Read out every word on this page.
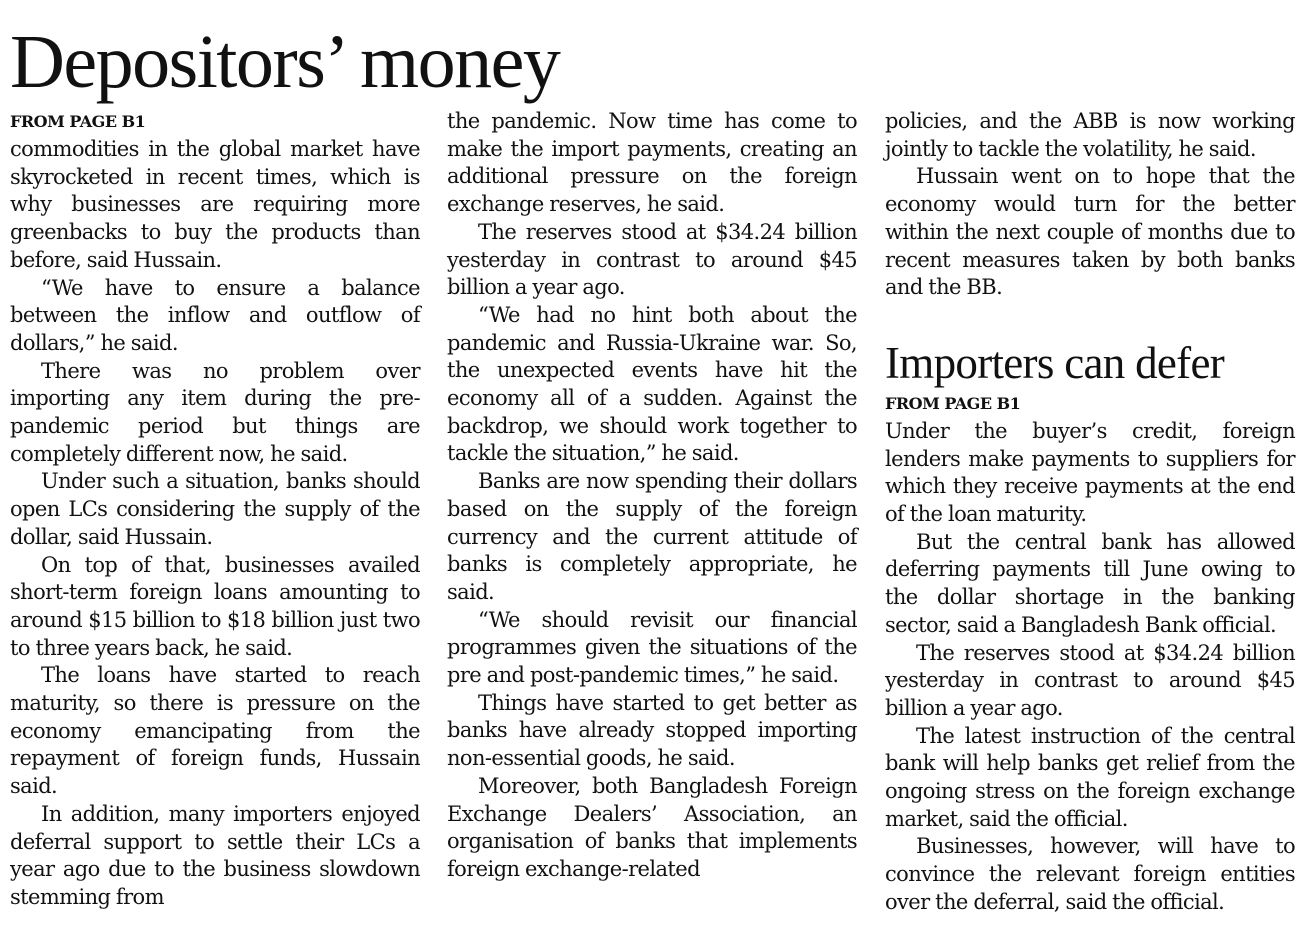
Depositors’ money
FROM PAGE B1

commodities in the global market have skyrocketed in recent times, which is why businesses are requiring more greenbacks to buy the products than before, said Hussain.

“We have to ensure a balance between the inflow and outflow of dollars,” he said.

There was no problem over importing any item during the pre-pandemic period but things are completely different now, he said.

Under such a situation, banks should open LCs considering the supply of the dollar, said Hussain.

On top of that, businesses availed short-term foreign loans amounting to around $15 billion to $18 billion just two to three years back, he said.

The loans have started to reach maturity, so there is pressure on the economy emancipating from the repayment of foreign funds, Hussain said.

In addition, many importers enjoyed deferral support to settle their LCs a year ago due to the business slowdown stemming from

the pandemic. Now time has come to make the import payments, creating an additional pressure on the foreign exchange reserves, he said.

The reserves stood at $34.24 billion yesterday in contrast to around $45 billion a year ago.

“We had no hint both about the pandemic and Russia-Ukraine war. So, the unexpected events have hit the economy all of a sudden. Against the backdrop, we should work together to tackle the situation,” he said.

Banks are now spending their dollars based on the supply of the foreign currency and the current attitude of banks is completely appropriate, he said.

“We should revisit our financial programmes given the situations of the pre and post-pandemic times,” he said.

Things have started to get better as banks have already stopped importing non-essential goods, he said.

Moreover, both Bangladesh Foreign Exchange Dealers’ Association, an organisation of banks that implements foreign exchange-related

policies, and the ABB is now working jointly to tackle the volatility, he said.

Hussain went on to hope that the economy would turn for the better within the next couple of months due to recent measures taken by both banks and the BB.

Importers can defer
FROM PAGE B1

Under the buyer’s credit, foreign lenders make payments to suppliers for which they receive payments at the end of the loan maturity.

But the central bank has allowed deferring payments till June owing to the dollar shortage in the banking sector, said a Bangladesh Bank official.

The reserves stood at $34.24 billion yesterday in contrast to around $45 billion a year ago.

The latest instruction of the central bank will help banks get relief from the ongoing stress on the foreign exchange market, said the official.

Businesses, however, will have to convince the relevant foreign entities over the deferral, said the official.
